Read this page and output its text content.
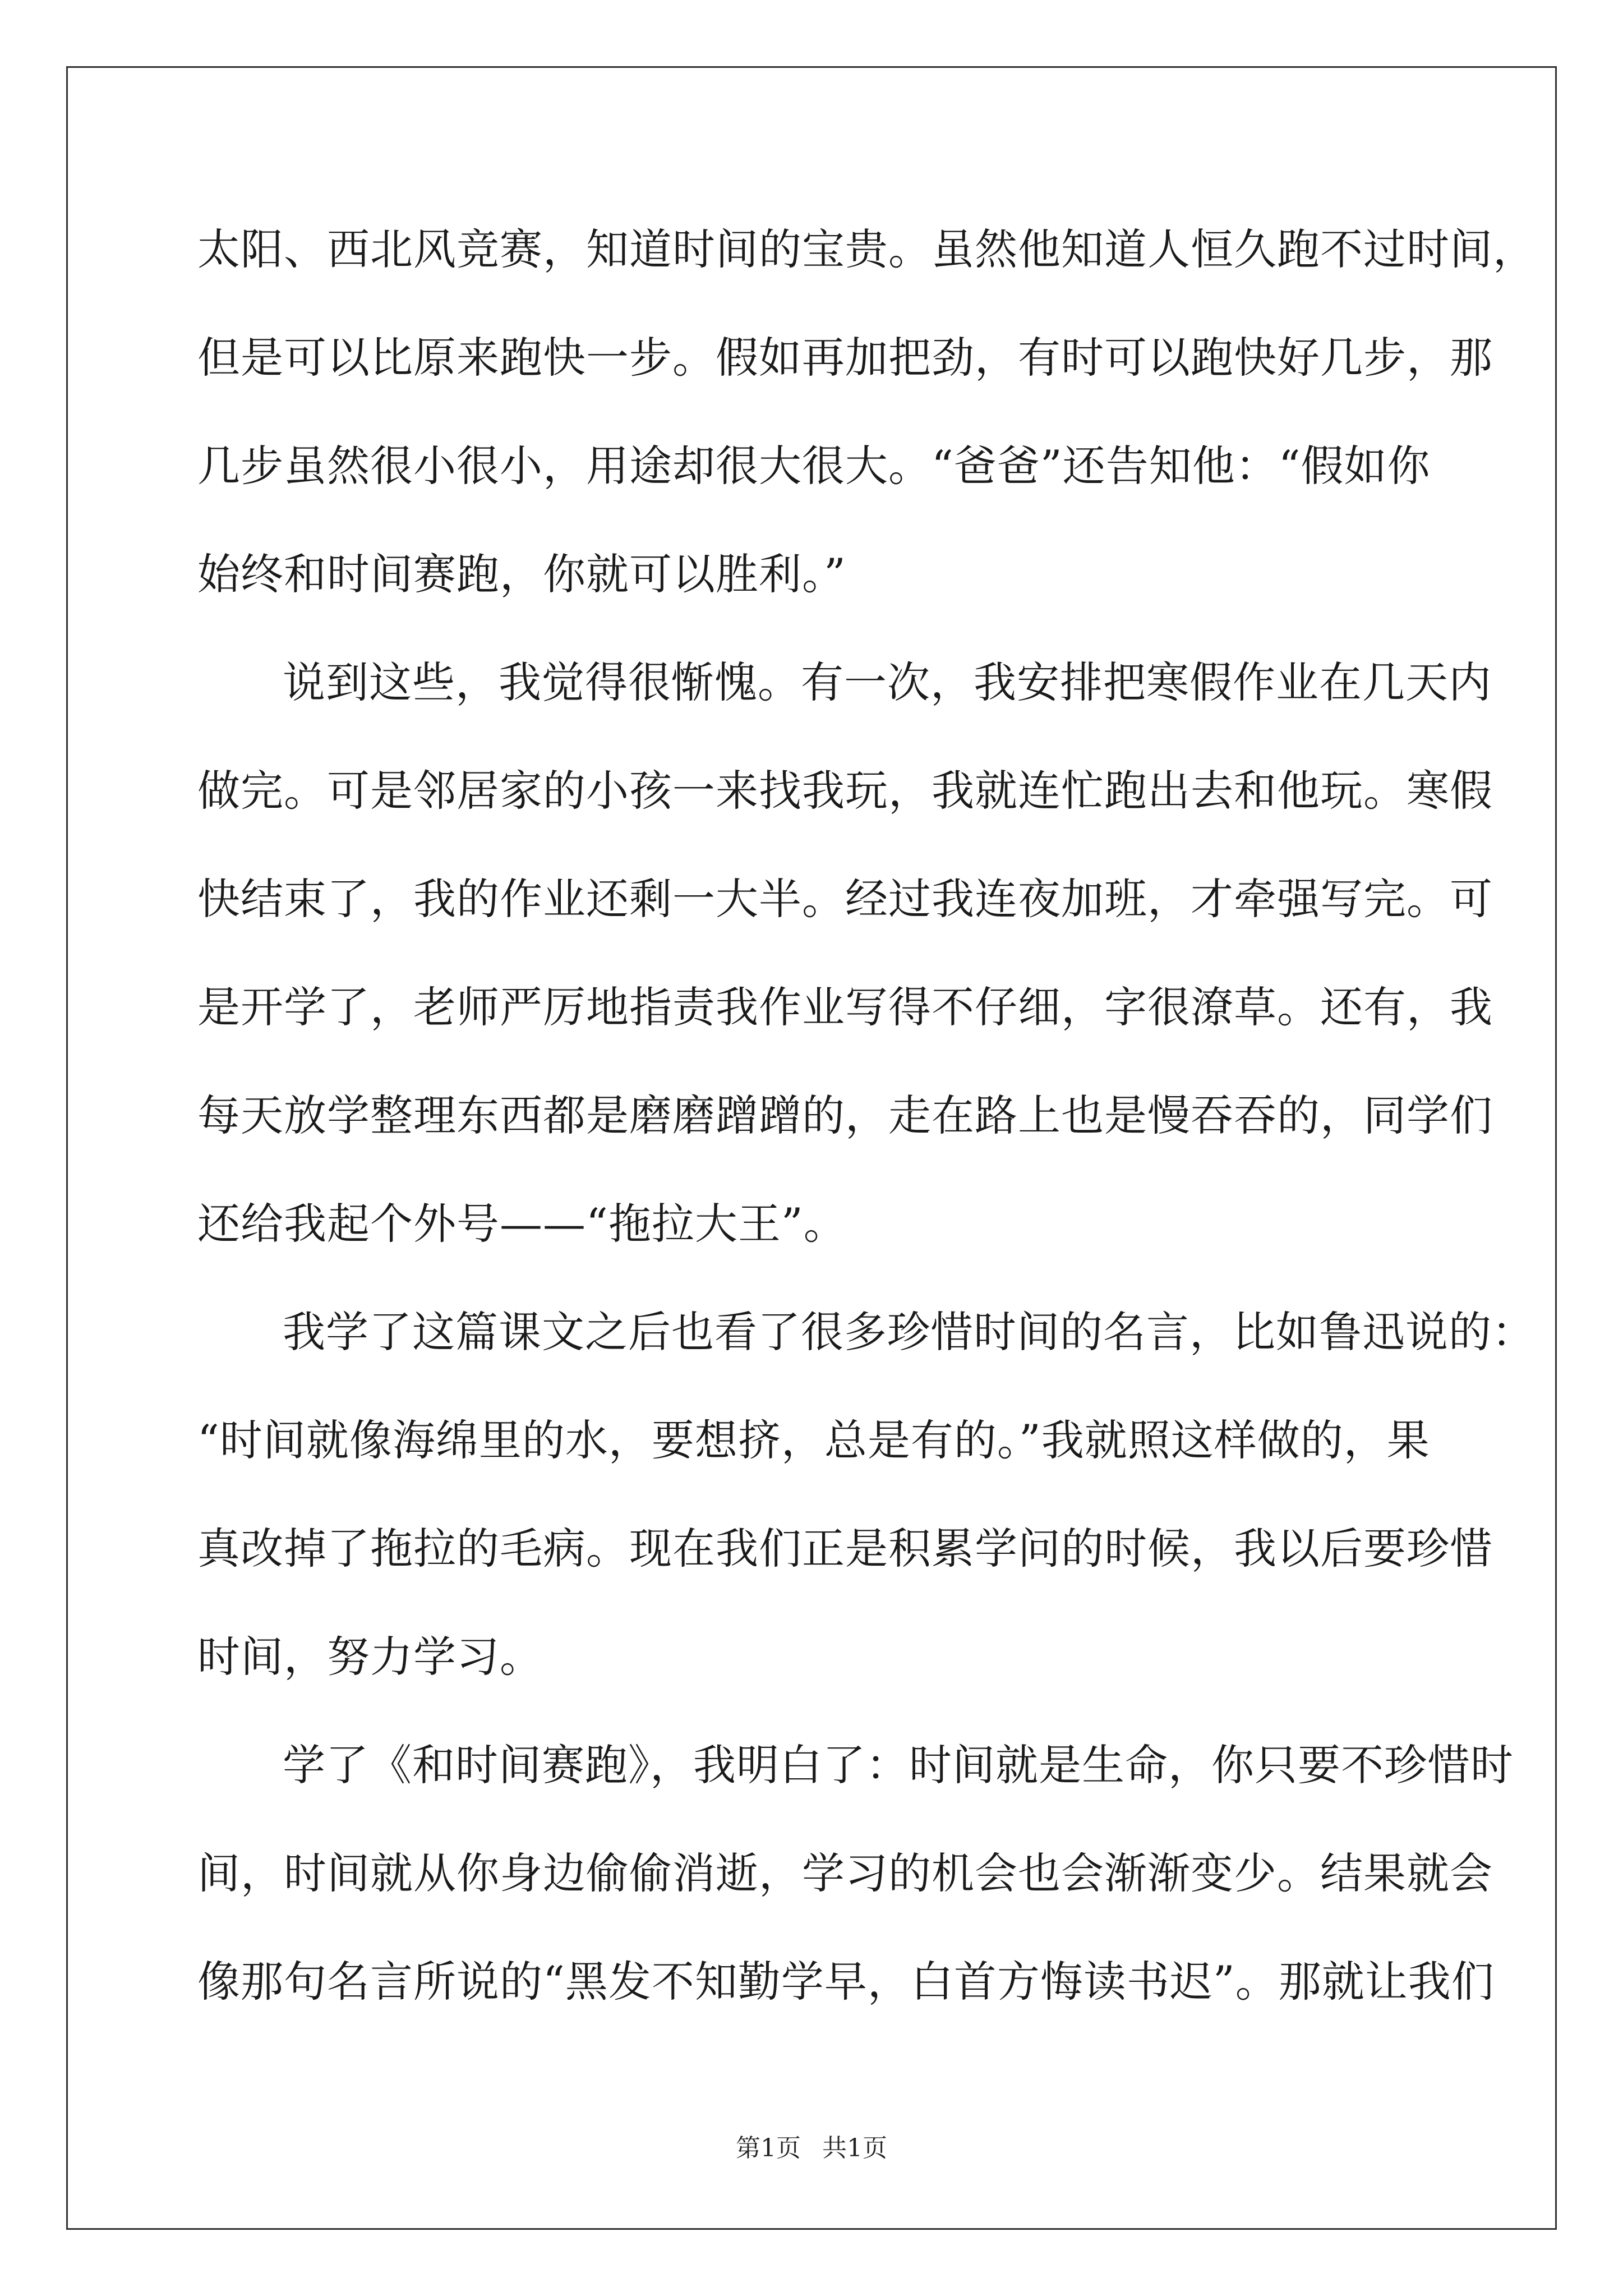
太阳、西北风竞赛，知道时间的宝贵。虽然他知道人恒久跑不过时间，
但是可以比原来跑快一步。假如再加把劲，有时可以跑快好几步，那
几步虽然很小很小，用途却很大很大。“爸爸”还告知他：“假如你
始终和时间赛跑，你就可以胜利。”
说到这些，我觉得很惭愧。有一次，我安排把寒假作业在几天内
做完。可是邻居家的小孩一来找我玩，我就连忙跑出去和他玩。寒假
快结束了，我的作业还剩一大半。经过我连夜加班，才牵强写完。可
是开学了，老师严厉地指责我作业写得不仔细，字很潦草。还有，我
每天放学整理东西都是磨磨蹭蹭的，走在路上也是慢吞吞的，同学们
还给我起个外号——“拖拉大王”。
我学了这篇课文之后也看了很多珍惜时间的名言，比如鲁迅说的：
“时间就像海绵里的水，要想挤，总是有的。”我就照这样做的，果
真改掉了拖拉的毛病。现在我们正是积累学问的时候，我以后要珍惜
时间，努力学习。
学了《和时间赛跑》，我明白了：时间就是生命，你只要不珍惜时
间，时间就从你身边偷偷消逝，学习的机会也会渐渐变少。结果就会
像那句名言所说的“黑发不知勤学早，白首方悔读书迟”。那就让我们
第1页 共1页
